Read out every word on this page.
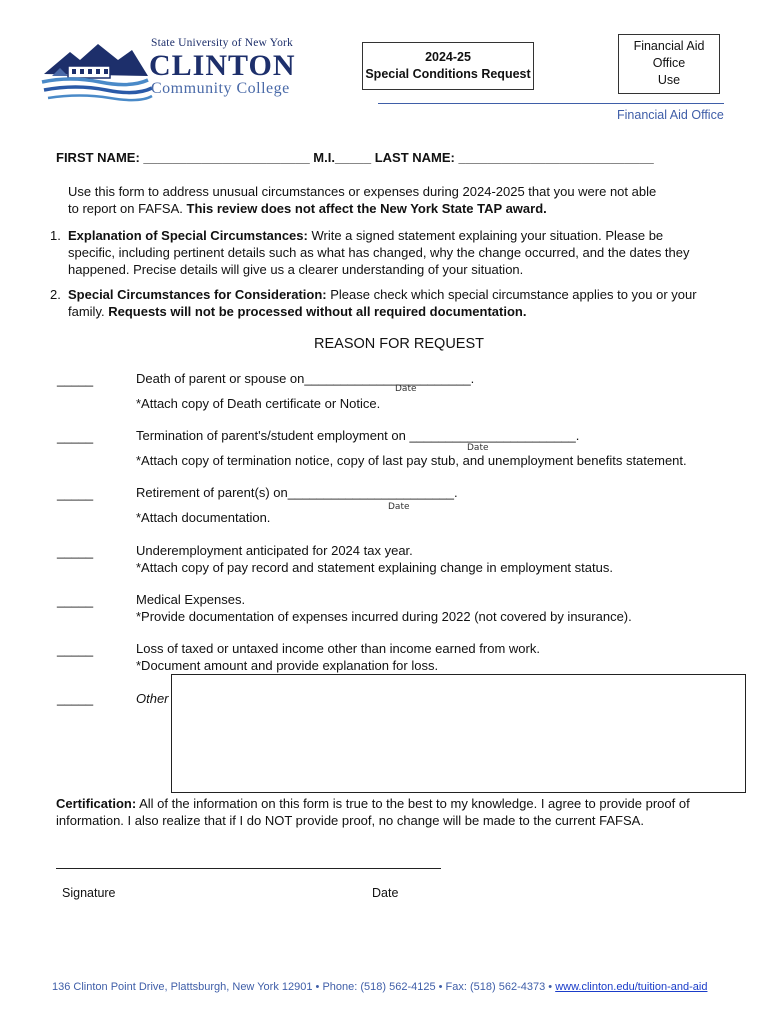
State University of New York
CLINTON
Community College
2024-25
Special Conditions Request
Financial Aid
Office
Use
Financial Aid Office
FIRST NAME: _______________________ M.I._____ LAST NAME: ___________________________
Use this form to address unusual circumstances or expenses during 2024-2025 that you were not able
to report on FAFSA. This review does not affect the New York State TAP award.
1. Explanation of Special Circumstances: Write a signed statement explaining your situation. Please be
specific, including pertinent details such as what has changed, why the change occurred, and the dates they
happened. Precise details will give us a clearer understanding of your situation.
2. Special Circumstances for Consideration: Please check which special circumstance applies to you or your
family. Requests will not be processed without all required documentation.
REASON FOR REQUEST
_____	Death of parent or spouse on_______________________.
Date
*Attach copy of Death certificate or Notice.
_____	Termination of parent's/student employment on _______________________.
Date
*Attach copy of termination notice, copy of last pay stub, and unemployment benefits statement.
_____	Retirement of parent(s) on_______________________.
Date
*Attach documentation.
_____	Underemployment anticipated for 2024 tax year.
*Attach copy of pay record and statement explaining change in employment status.
_____	Medical Expenses.
*Provide documentation of expenses incurred during 2022 (not covered by insurance).
_____	Loss of taxed or untaxed income other than income earned from work.
*Document amount and provide explanation for loss.
_____	Other
Certification: All of the information on this form is true to the best to my knowledge. I agree to provide proof of
information. I also realize that if I do NOT provide proof, no change will be made to the current FAFSA.
Signature	Date
136 Clinton Point Drive, Plattsburgh, New York 12901 • Phone: (518) 562-4125 • Fax: (518) 562-4373 • www.clinton.edu/tuition-and-aid
